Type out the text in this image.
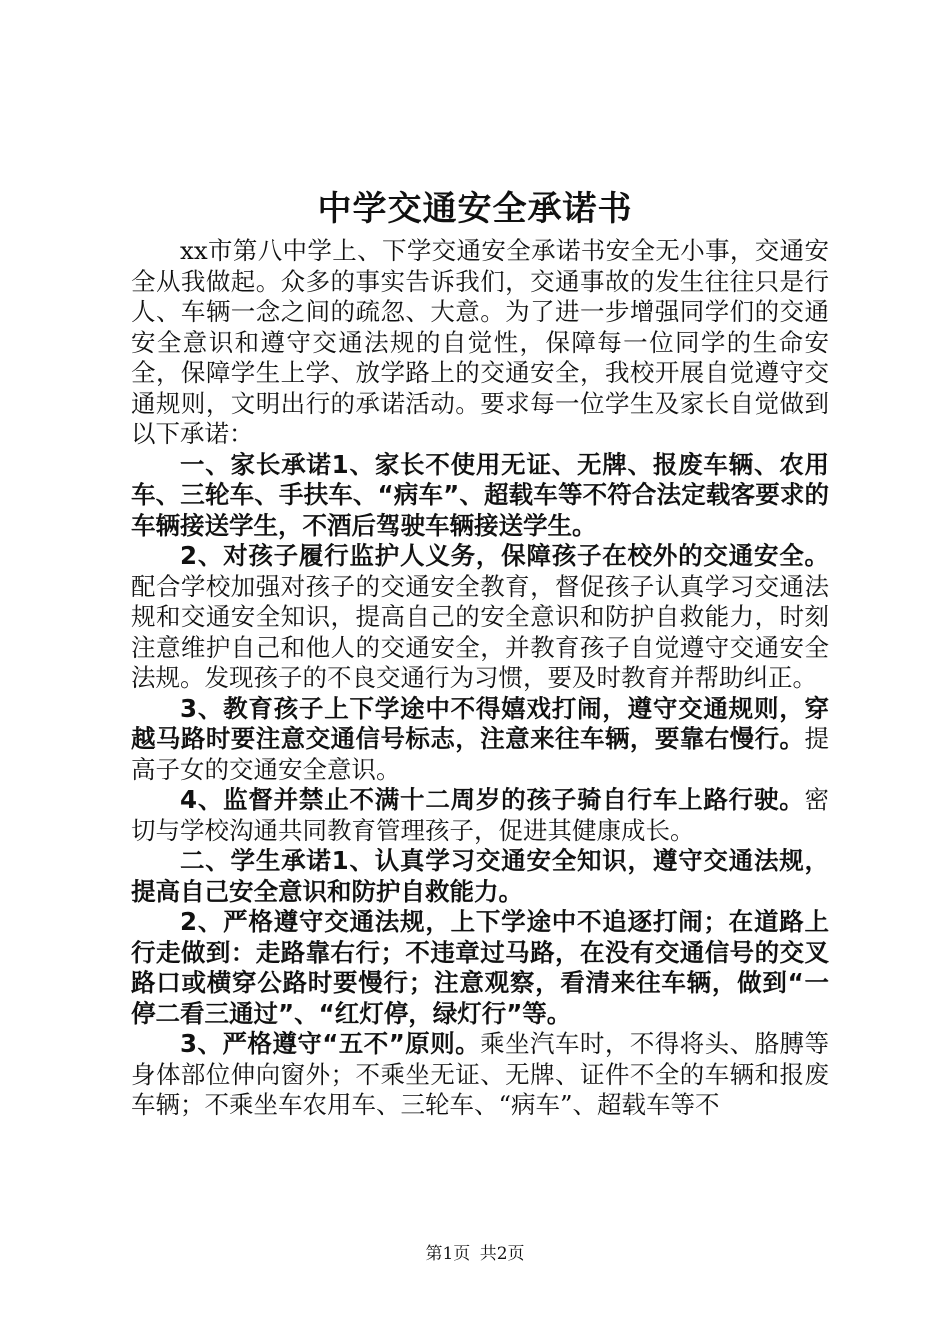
中学交通安全承诺书

xx市第八中学上、下学交通安全承诺书安全无小事，交通安全从我做起。众多的事实告诉我们，交通事故的发生往往只是行人、车辆一念之间的疏忽、大意。为了进一步增强同学们的交通安全意识和遵守交通法规的自觉性，保障每一位同学的生命安全，保障学生上学、放学路上的交通安全，我校开展自觉遵守交通规则，文明出行的承诺活动。要求每一位学生及家长自觉做到以下承诺：

一、家长承诺1、家长不使用无证、无牌、报废车辆、农用车、三轮车、手扶车、“病车”、超载车等不符合法定载客要求的车辆接送学生，不酒后驾驶车辆接送学生。

2、对孩子履行监护人义务，保障孩子在校外的交通安全。配合学校加强对孩子的交通安全教育，督促孩子认真学习交通法规和交通安全知识，提高自己的安全意识和防护自救能力，时刻注意维护自己和他人的交通安全，并教育孩子自觉遵守交通安全法规。发现孩子的不良交通行为习惯，要及时教育并帮助纠正。

3、教育孩子上下学途中不得嬉戏打闹，遵守交通规则，穿越马路时要注意交通信号标志，注意来往车辆，要靠右慢行。提高子女的交通安全意识。

4、监督并禁止不满十二周岁的孩子骑自行车上路行驶。密切与学校沟通共同教育管理孩子，促进其健康成长。

二、学生承诺1、认真学习交通安全知识，遵守交通法规，提高自己安全意识和防护自救能力。

2、严格遵守交通法规，上下学途中不追逐打闹；在道路上行走做到：走路靠右行；不违章过马路，在没有交通信号的交叉路口或横穿公路时要慢行；注意观察，看清来往车辆，做到“一停二看三通过”、“红灯停，绿灯行”等。

3、严格遵守“五不”原则。乘坐汽车时，不得将头、胳膊等身体部位伸向窗外；不乘坐无证、无牌、证件不全的车辆和报废车辆；不乘坐车农用车、三轮车、“病车”、超载车等不

第1页 共2页
